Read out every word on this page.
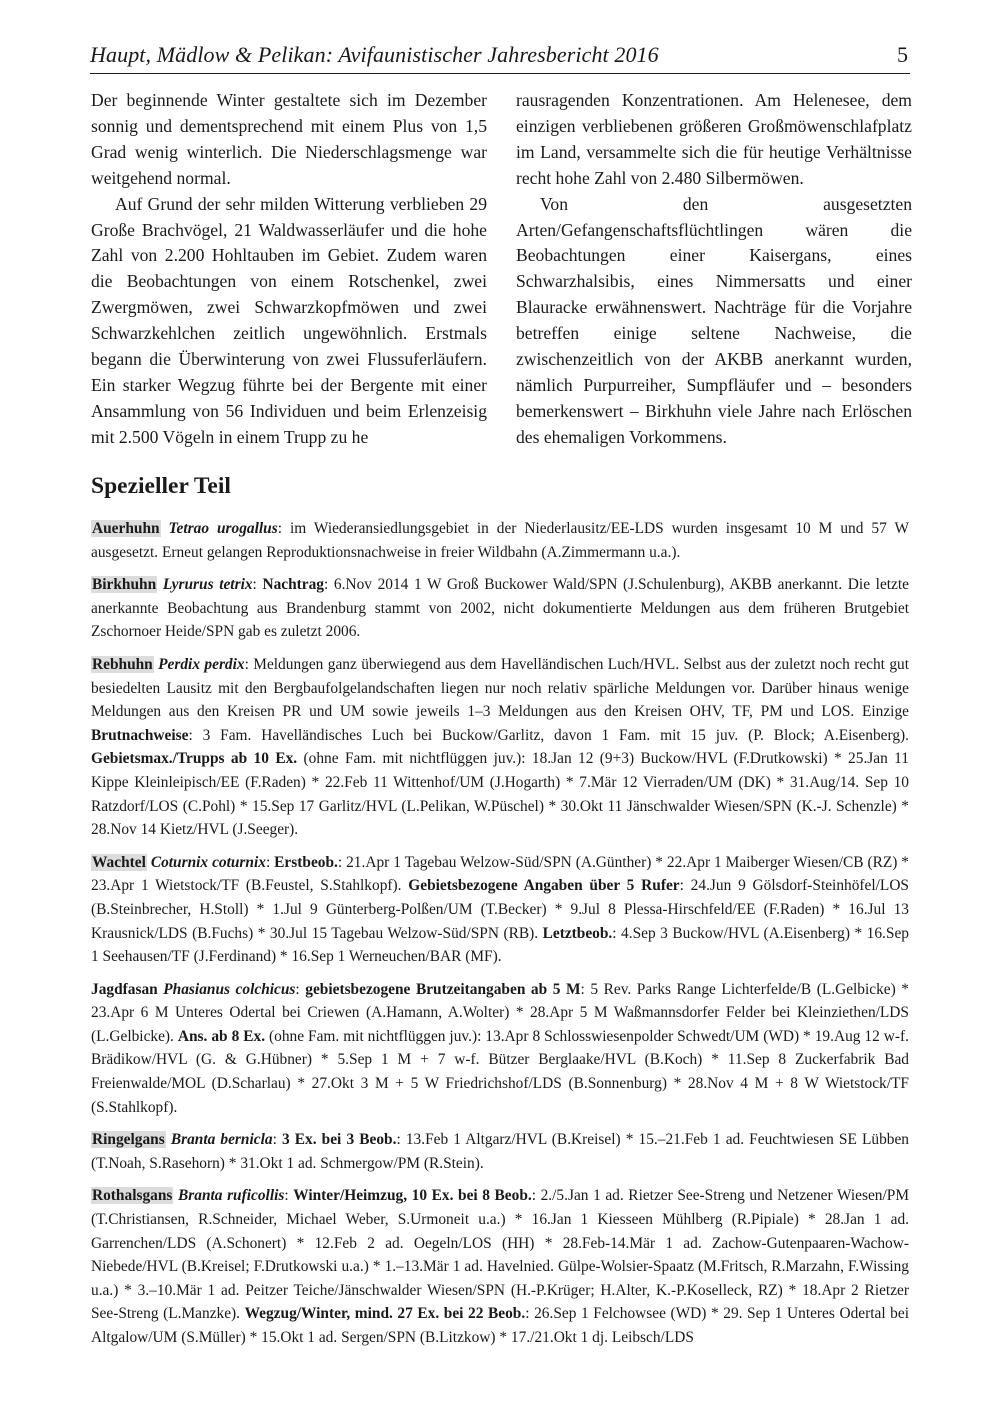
Haupt, Mädlow & Pelikan: Avifaunistischer Jahresbericht 2016	5

Der beginnende Winter gestaltete sich im Dezember sonnig und dementsprechend mit einem Plus von 1,5 Grad wenig winterlich. Die Niederschlagsmenge war weitgehend normal.

Auf Grund der sehr milden Witterung verblieben 29 Große Brachvögel, 21 Waldwasserläufer und die hohe Zahl von 2.200 Hohltauben im Gebiet. Zudem waren die Beobachtungen von einem Rotschenkel, zwei Zwergmöwen, zwei Schwarzkopfmöwen und zwei Schwarzkehlchen zeitlich ungewöhnlich. Erstmals begann die Überwinterung von zwei Flussuferläufern. Ein starker Wegzug führte bei der Bergente mit einer Ansammlung von 56 Individuen und beim Erlenzeisig mit 2.500 Vögeln in einem Trupp zu he

rausragenden Konzentrationen. Am Helenesee, dem einzigen verbliebenen größeren Großmöwenschlafplatz im Land, versammelte sich die für heutige Verhältnisse recht hohe Zahl von 2.480 Silbermöwen.

Von den ausgesetzten Arten/Gefangenschaftsflüchtlingen wären die Beobachtungen einer Kaisergans, eines Schwarzhalsibis, eines Nimmersatts und einer Blauracke erwähnenswert. Nachträge für die Vorjahre betreffen einige seltene Nachweise, die zwischenzeitlich von der AKBB anerkannt wurden, nämlich Purpurreiher, Sumpfläufer und – besonders bemerkenswert – Birkhuhn viele Jahre nach Erlöschen des ehemaligen Vorkommens.

Spezieller Teil

Auerhuhn Tetrao urogallus: im Wiederansiedlungsgebiet in der Niederlausitz/EE-LDS wurden insgesamt 10 M und 57 W ausgesetzt. Erneut gelangen Reproduktionsnachweise in freier Wildbahn (A.Zimmermann u.a.).

Birkhuhn Lyrurus tetrix: Nachtrag: 6.Nov 2014 1 W Groß Buckower Wald/SPN (J.Schulenburg), AKBB anerkannt. Die letzte anerkannte Beobachtung aus Brandenburg stammt von 2002, nicht dokumentierte Meldungen aus dem früheren Brutgebiet Zschornoer Heide/SPN gab es zuletzt 2006.

Rebhuhn Perdix perdix: Meldungen ganz überwiegend aus dem Havelländischen Luch/HVL. Selbst aus der zuletzt noch recht gut besiedelten Lausitz mit den Bergbaufolgelandschaften liegen nur noch relativ spärliche Meldungen vor. Darüber hinaus wenige Meldungen aus den Kreisen PR und UM sowie jeweils 1–3 Meldungen aus den Kreisen OHV, TF, PM und LOS. Einzige Brutnachweise: 3 Fam. Havelländisches Luch bei Buckow/Garlitz, davon 1 Fam. mit 15 juv. (P. Block; A.Eisenberg). Gebietsmax./Trupps ab 10 Ex. (ohne Fam. mit nichtflüggen juv.): 18.Jan 12 (9+3) Buckow/HVL (F.Drutkowski) * 25.Jan 11 Kippe Kleinleipisch/EE (F.Raden) * 22.Feb 11 Wittenhof/UM (J.Hogarth) * 7.Mär 12 Vierraden/UM (DK) * 31.Aug/14. Sep 10 Ratzdorf/LOS (C.Pohl) * 15.Sep 17 Garlitz/HVL (L.Pelikan, W.Püschel) * 30.Okt 11 Jänschwalder Wiesen/SPN (K.-J. Schenzle) * 28.Nov 14 Kietz/HVL (J.Seeger).

Wachtel Coturnix coturnix: Erstbeob.: 21.Apr 1 Tagebau Welzow-Süd/SPN (A.Günther) * 22.Apr 1 Maiberger Wiesen/CB (RZ) * 23.Apr 1 Wietstock/TF (B.Feustel, S.Stahlkopf). Gebietsbezogene Angaben über 5 Rufer: 24.Jun 9 Gölsdorf-Steinhöfel/LOS (B.Steinbrecher, H.Stoll) * 1.Jul 9 Günterberg-Polßen/UM (T.Becker) * 9.Jul 8 Plessa-Hirschfeld/EE (F.Raden) * 16.Jul 13 Krausnick/LDS (B.Fuchs) * 30.Jul 15 Tagebau Welzow-Süd/SPN (RB). Letztbeob.: 4.Sep 3 Buckow/HVL (A.Eisenberg) * 16.Sep 1 Seehausen/TF (J.Ferdinand) * 16.Sep 1 Werneuchen/BAR (MF).

Jagdfasan Phasianus colchicus: gebietsbezogene Brutzeitangaben ab 5 M: 5 Rev. Parks Range Lichterfelde/B (L.Gelbicke) * 23.Apr 6 M Unteres Odertal bei Criewen (A.Hamann, A.Wolter) * 28.Apr 5 M Waßmannsdorfer Felder bei Kleinziethen/LDS (L.Gelbicke). Ans. ab 8 Ex. (ohne Fam. mit nichtflüggen juv.): 13.Apr 8 Schlosswiesenpolder Schwedt/UM (WD) * 19.Aug 12 w-f. Brädikow/HVL (G. & G.Hübner) * 5.Sep 1 M + 7 w-f. Bützer Berglaake/HVL (B.Koch) * 11.Sep 8 Zuckerfabrik Bad Freienwalde/MOL (D.Scharlau) * 27.Okt 3 M + 5 W Friedrichshof/LDS (B.Sonnenburg) * 28.Nov 4 M + 8 W Wietstock/TF (S.Stahlkopf).

Ringelgans Branta bernicla: 3 Ex. bei 3 Beob.: 13.Feb 1 Altgarz/HVL (B.Kreisel) * 15.–21.Feb 1 ad. Feuchtwiesen SE Lübben (T.Noah, S.Rasehorn) * 31.Okt 1 ad. Schmergow/PM (R.Stein).

Rothalsgans Branta ruficollis: Winter/Heimzug, 10 Ex. bei 8 Beob.: 2./5.Jan 1 ad. Rietzer See-Streng und Netzener Wiesen/PM (T.Christiansen, R.Schneider, Michael Weber, S.Urmoneit u.a.) * 16.Jan 1 Kiesseen Mühlberg (R.Pipiale) * 28.Jan 1 ad. Garrenchen/LDS (A.Schonert) * 12.Feb 2 ad. Oegeln/LOS (HH) * 28.Feb-14.Mär 1 ad. Zachow-Gutenpaaren-Wachow-Niebede/HVL (B.Kreisel; F.Drutkowski u.a.) * 1.–13.Mär 1 ad. Havelnied. Gülpe-Wolsier-Spaatz (M.Fritsch, R.Marzahn, F.Wissing u.a.) * 3.–10.Mär 1 ad. Peitzer Teiche/Jänschwalder Wiesen/SPN (H.-P.Krüger; H.Alter, K.-P.Koselleck, RZ) * 18.Apr 2 Rietzer See-Streng (L.Manzke). Wegzug/Winter, mind. 27 Ex. bei 22 Beob.: 26.Sep 1 Felchowsee (WD) * 29. Sep 1 Unteres Odertal bei Altgalow/UM (S.Müller) * 15.Okt 1 ad. Sergen/SPN (B.Litzkow) * 17./21.Okt 1 dj. Leibsch/LDS
